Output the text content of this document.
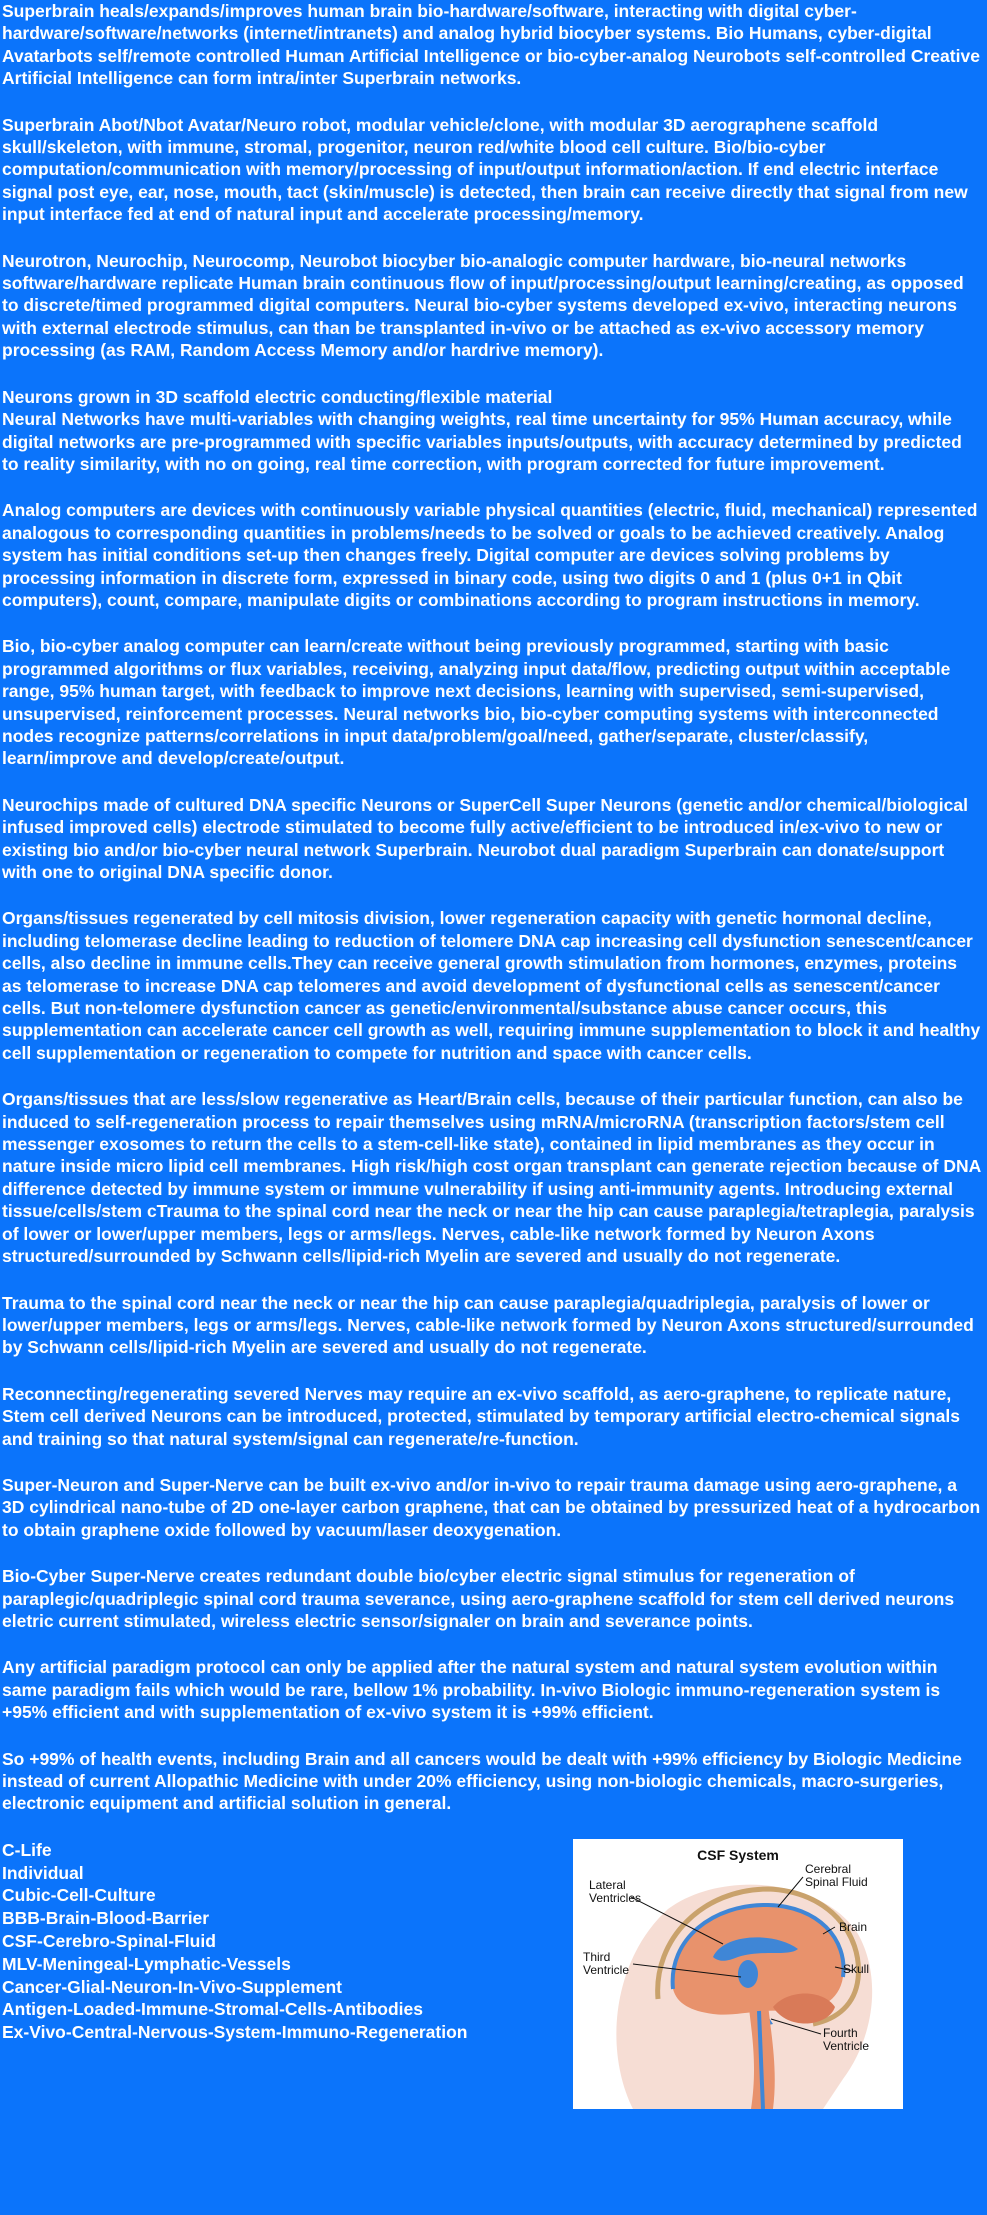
Superbrain heals/expands/improves human brain bio-hardware/software, interacting with digital cyber-hardware/software/networks (internet/intranets) and analog hybrid biocyber systems. Bio Humans, cyber-digital Avatarbots self/remote controlled Human Artificial Intelligence or bio-cyber-analog Neurobots self-controlled Creative Artificial Intelligence can form intra/inter Superbrain networks.

Superbrain Abot/Nbot Avatar/Neuro robot, modular vehicle/clone, with modular 3D aerographene scaffold skull/skeleton, with immune, stromal, progenitor, neuron red/white blood cell culture. Bio/bio-cyber computation/communication with memory/processing of input/output information/action. If end electric interface signal post eye, ear, nose, mouth, tact (skin/muscle) is detected, then brain can receive directly that signal from new input interface fed at end of natural input and accelerate processing/memory.

Neurotron, Neurochip, Neurocomp, Neurobot biocyber bio-analogic computer hardware, bio-neural networks software/hardware replicate Human brain continuous flow of input/processing/output learning/creating, as opposed to discrete/timed programmed digital computers. Neural bio-cyber systems developed ex-vivo, interacting neurons with external electrode stimulus, can than be transplanted in-vivo or be attached as ex-vivo accessory memory processing (as RAM, Random Access Memory and/or hardrive memory).

Neurons grown in 3D scaffold electric conducting/flexible material
Neural Networks have multi-variables with changing weights, real time uncertainty for 95% Human accuracy, while digital networks are pre-programmed with specific variables inputs/outputs, with accuracy determined by predicted to reality similarity, with no on going, real time correction, with program corrected for future improvement.

Analog computers are devices with continuously variable physical quantities (electric, fluid, mechanical) represented analogous to corresponding quantities in problems/needs to be solved or goals to be achieved creatively. Analog system has initial conditions set-up then changes freely. Digital computer are devices solving problems by processing information in discrete form, expressed in binary code, using two digits 0 and 1 (plus 0+1 in Qbit computers), count, compare, manipulate digits or combinations according to program instructions in memory.

Bio, bio-cyber analog computer can learn/create without being previously programmed, starting with basic programmed algorithms or flux variables, receiving, analyzing input data/flow, predicting output within acceptable range, 95% human target, with feedback to improve next decisions, learning with supervised, semi-supervised, unsupervised, reinforcement processes. Neural networks bio, bio-cyber computing systems with interconnected nodes recognize patterns/correlations in input data/problem/goal/need, gather/separate, cluster/classify, learn/improve and develop/create/output.

Neurochips made of cultured DNA specific Neurons or SuperCell Super Neurons (genetic and/or chemical/biological infused improved cells) electrode stimulated to become fully active/efficient to be introduced in/ex-vivo to new or existing bio and/or bio-cyber neural network Superbrain. Neurobot dual paradigm Superbrain can donate/support with one to original DNA specific donor.

Organs/tissues regenerated by cell mitosis division, lower regeneration capacity with genetic hormonal decline, including telomerase decline leading to reduction of telomere DNA cap increasing cell dysfunction senescent/cancer cells, also decline in immune cells.They can receive general growth stimulation from hormones, enzymes, proteins as telomerase to increase DNA cap telomeres and avoid development of dysfunctional cells as senescent/cancer cells. But non-telomere dysfunction cancer as genetic/environmental/substance abuse cancer occurs, this supplementation can accelerate cancer cell growth as well, requiring immune supplementation to block it and healthy cell supplementation or regeneration to compete for nutrition and space with cancer cells.

Organs/tissues that are less/slow regenerative as Heart/Brain cells, because of their particular function, can also be induced to self-regeneration process to repair themselves using mRNA/microRNA (transcription factors/stem cell messenger exosomes to return the cells to a stem-cell-like state), contained in lipid membranes as they occur in nature inside micro lipid cell membranes. High risk/high cost organ transplant can generate rejection because of DNA difference detected by immune system or immune vulnerability if using anti-immunity agents. Introducing external tissue/cells/stem cTrauma to the spinal cord near the neck or near the hip can cause paraplegia/tetraplegia, paralysis of lower or lower/upper members, legs or arms/legs. Nerves, cable-like network formed by Neuron Axons structured/surrounded by Schwann cells/lipid-rich Myelin are severed and usually do not regenerate.

Trauma to the spinal cord near the neck or near the hip can cause paraplegia/quadriplegia, paralysis of lower or lower/upper members, legs or arms/legs. Nerves, cable-like network formed by Neuron Axons structured/surrounded by Schwann cells/lipid-rich Myelin are severed and usually do not regenerate.

Reconnecting/regenerating severed Nerves may require an ex-vivo scaffold, as aero-graphene, to replicate nature, Stem cell derived Neurons can be introduced, protected, stimulated by temporary artificial electro-chemical signals and training so that natural system/signal can regenerate/re-function.

Super-Neuron and Super-Nerve can be built ex-vivo and/or in-vivo to repair trauma damage using aero-graphene, a 3D cylindrical nano-tube of 2D one-layer carbon graphene, that can be obtained by pressurized heat of a hydrocarbon to obtain graphene oxide followed by vacuum/laser deoxygenation.

Bio-Cyber Super-Nerve creates redundant double bio/cyber electric signal stimulus for regeneration of paraplegic/quadriplegic spinal cord trauma severance, using aero-graphene scaffold for stem cell derived neurons eletric current stimulated, wireless electric sensor/signaler on brain and severance points.

Any artificial paradigm protocol can only be applied after the natural system and natural system evolution within same paradigm fails which would be rare, bellow 1% probability. In-vivo Biologic immuno-regeneration system is +95% efficient and with supplementation of ex-vivo system it is +99% efficient.

So +99% of health events, including Brain and all cancers would be dealt with +99% efficiency by Biologic Medicine instead of current Allopathic Medicine with under 20% efficiency, using non-biologic chemicals, macro-surgeries, electronic equipment and artificial solution in general.

C-Life
Individual
Cubic-Cell-Culture
BBB-Brain-Blood-Barrier
CSF-Cerebro-Spinal-Fluid
MLV-Meningeal-Lymphatic-Vessels
Cancer-Glial-Neuron-In-Vivo-Supplement
Antigen-Loaded-Immune-Stromal-Cells-Antibodies
Ex-Vivo-Central-Nervous-System-Immuno-Regeneration
CSF System
Lateral
Ventricles
Cerebral
Spinal Fluid
Brain
Third
Ventricle	Skull
Fourth
Ventricle
